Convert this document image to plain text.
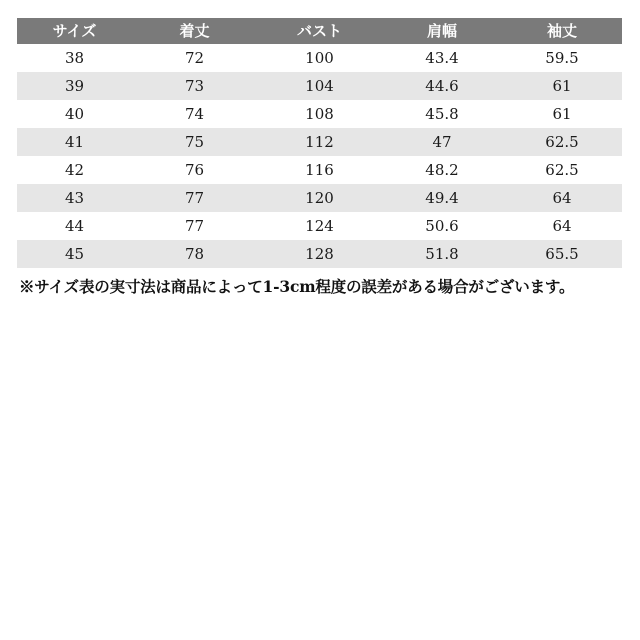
サイズ	着丈	バスト	肩幅	袖丈
38	72	100	43.4	59.5
39	73	104	44.6	61
40	74	108	45.8	61
41	75	112	47	62.5
42	76	116	48.2	62.5
43	77	120	49.4	64
44	77	124	50.6	64
45	78	128	51.8	65.5
※サイズ表の実寸法は商品によって1-3cm程度の誤差がある場合がございます。
